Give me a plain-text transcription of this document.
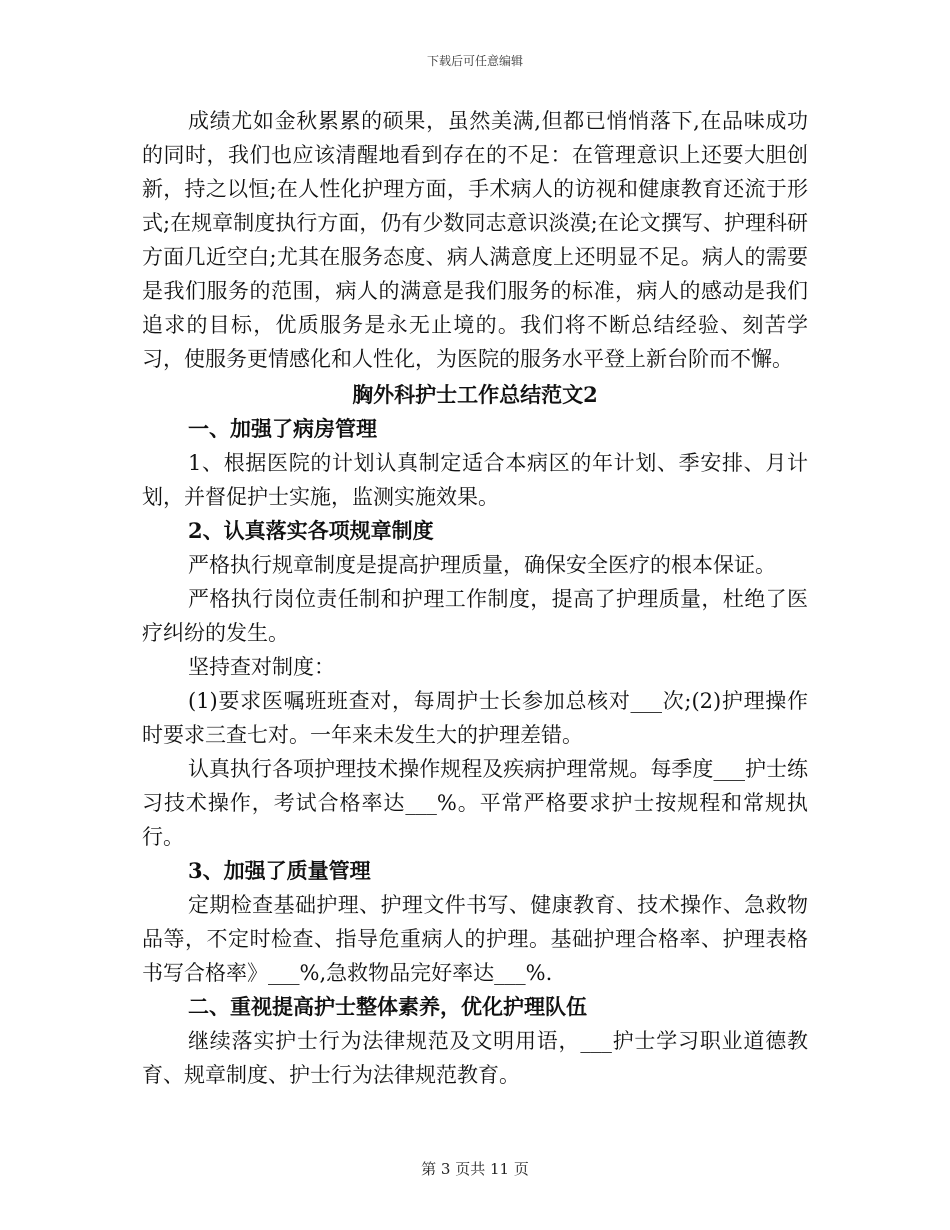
下载后可任意编辑

成绩尤如金秋累累的硕果，虽然美满,但都已悄悄落下,在品味成功的同时，我们也应该清醒地看到存在的不足：在管理意识上还要大胆创新，持之以恒;在人性化护理方面，手术病人的访视和健康教育还流于形式;在规章制度执行方面，仍有少数同志意识淡漠;在论文撰写、护理科研方面几近空白;尤其在服务态度、病人满意度上还明显不足。病人的需要是我们服务的范围，病人的满意是我们服务的标准，病人的感动是我们追求的目标，优质服务是永无止境的。我们将不断总结经验、刻苦学习，使服务更情感化和人性化，为医院的服务水平登上新台阶而不懈。

胸外科护士工作总结范文2

一、加强了病房管理

1、根据医院的计划认真制定适合本病区的年计划、季安排、月计划，并督促护士实施，监测实施效果。

2、认真落实各项规章制度

严格执行规章制度是提高护理质量，确保安全医疗的根本保证。

严格执行岗位责任制和护理工作制度，提高了护理质量，杜绝了医疗纠纷的发生。

坚持查对制度：

(1)要求医嘱班班查对，每周护士长参加总核对___次;(2)护理操作时要求三查七对。一年来未发生大的护理差错。

认真执行各项护理技术操作规程及疾病护理常规。每季度___护士练习技术操作，考试合格率达___%。平常严格要求护士按规程和常规执行。

3、加强了质量管理

定期检查基础护理、护理文件书写、健康教育、技术操作、急救物品等，不定时检查、指导危重病人的护理。基础护理合格率、护理表格书写合格率》___%,急救物品完好率达___%.

二、重视提高护士整体素养，优化护理队伍

继续落实护士行为法律规范及文明用语，___护士学习职业道德教育、规章制度、护士行为法律规范教育。

第 3 页共 11 页
